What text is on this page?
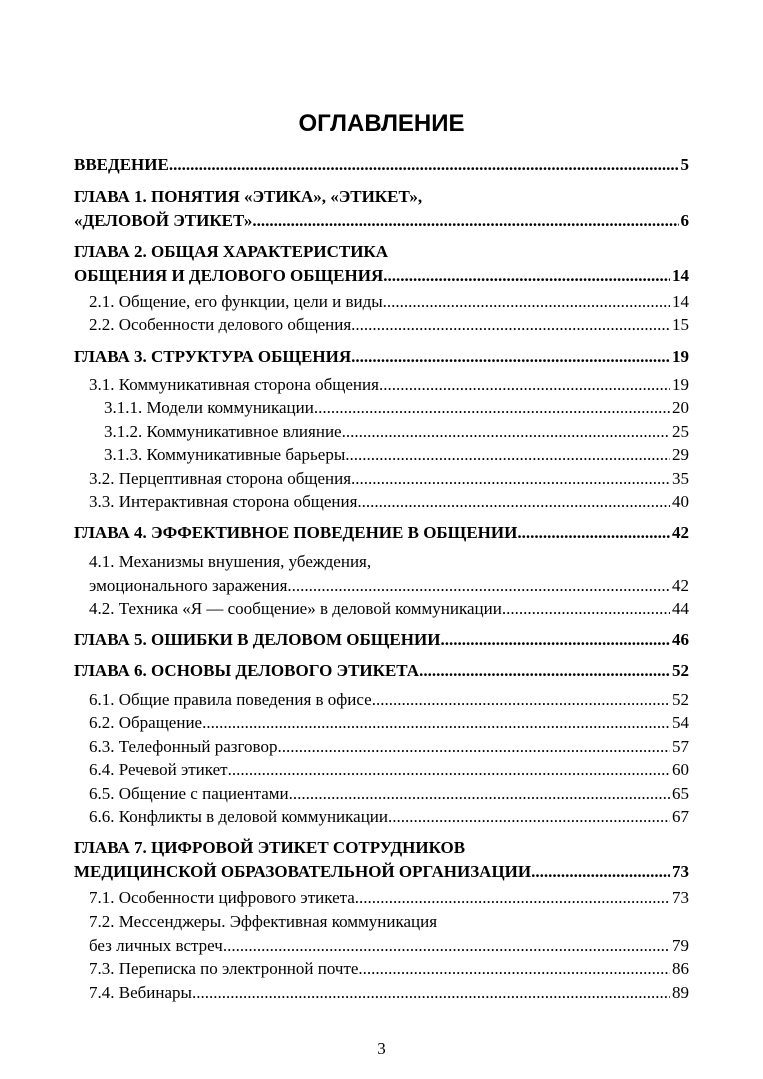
ОГЛАВЛЕНИЕ
ВВЕДЕНИЕ .....	5
ГЛАВА 1. ПОНЯТИЯ «ЭТИКА», «ЭТИКЕТ»,
«ДЕЛОВОЙ ЭТИКЕТ» .....	6
ГЛАВА 2. ОБЩАЯ ХАРАКТЕРИСТИКА
ОБЩЕНИЯ И ДЕЛОВОГО ОБЩЕНИЯ .....	14
2.1. Общение, его функции, цели и виды .....	14
2.2. Особенности делового общения .....	15
ГЛАВА 3. СТРУКТУРА ОБЩЕНИЯ .....	19
3.1. Коммуникативная сторона общения .....	19
3.1.1. Модели коммуникации .....	20
3.1.2. Коммуникативное влияние .....	25
3.1.3. Коммуникативные барьеры .....	29
3.2. Перцептивная сторона общения .....	35
3.3. Интерактивная сторона общения .....	40
ГЛАВА 4. ЭФФЕКТИВНОЕ ПОВЕДЕНИЕ В ОБЩЕНИИ .....	42
4.1. Механизмы внушения, убеждения,
эмоционального заражения .....	42
4.2. Техника «Я — сообщение» в деловой коммуникации .....	44
ГЛАВА 5. ОШИБКИ В ДЕЛОВОМ ОБЩЕНИИ .....	46
ГЛАВА 6. ОСНОВЫ ДЕЛОВОГО ЭТИКЕТА .....	52
6.1. Общие правила поведения в офисе .....	52
6.2. Обращение .....	54
6.3. Телефонный разговор .....	57
6.4. Речевой этикет .....	60
6.5. Общение с пациентами .....	65
6.6. Конфликты в деловой коммуникации .....	67
ГЛАВА 7. ЦИФРОВОЙ ЭТИКЕТ СОТРУДНИКОВ
МЕДИЦИНСКОЙ ОБРАЗОВАТЕЛЬНОЙ ОРГАНИЗАЦИИ .....	73
7.1. Особенности цифрового этикета .....	73
7.2. Мессенджеры. Эффективная коммуникация
без личных встреч .....	79
7.3. Переписка по электронной почте .....	86
7.4. Вебинары .....	89
3
